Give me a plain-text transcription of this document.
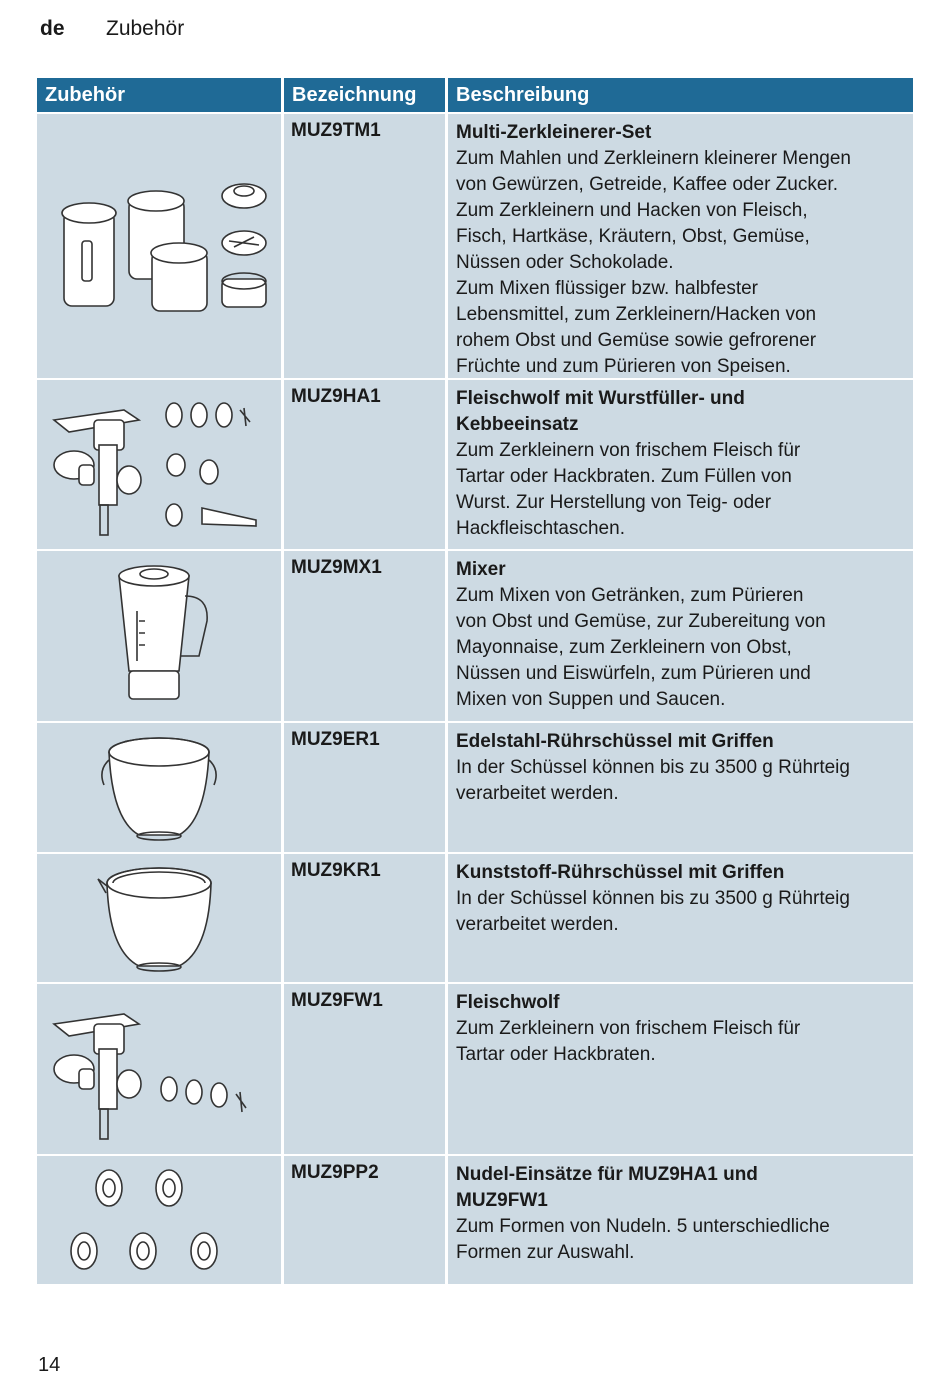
de Zubehör
Zubehör	Bezeichnung	Beschreibung
MUZ9TM1	Multi-Zerkleinerer-Set
Zum Mahlen und Zerkleinern kleinerer Mengen
von Gewürzen, Getreide, Kaffee oder Zucker.
Zum Zerkleinern und Hacken von Fleisch,
Fisch, Hartkäse, Kräutern, Obst, Gemüse,
Nüssen oder Schokolade.
Zum Mixen flüssiger bzw. halbfester
Lebensmittel, zum Zerkleinern/Hacken von
rohem Obst und Gemüse sowie gefrorener
Früchte und zum Pürieren von Speisen.
MUZ9HA1	Fleischwolf mit Wurstfüller- und
Kebbeeinsatz
Zum Zerkleinern von frischem Fleisch für
Tartar oder Hackbraten. Zum Füllen von
Wurst. Zur Herstellung von Teig- oder
Hackfleischtaschen.
MUZ9MX1	Mixer
Zum Mixen von Getränken, zum Pürieren
von Obst und Gemüse, zur Zubereitung von
Mayonnaise, zum Zerkleinern von Obst,
Nüssen und Eiswürfeln, zum Pürieren und
Mixen von Suppen und Saucen.
MUZ9ER1	Edelstahl-Rührschüssel mit Griffen
In der Schüssel können bis zu 3500 g Rührteig
verarbeitet werden.
MUZ9KR1	Kunststoff-Rührschüssel mit Griffen
In der Schüssel können bis zu 3500 g Rührteig
verarbeitet werden.
MUZ9FW1	Fleischwolf
Zum Zerkleinern von frischem Fleisch für
Tartar oder Hackbraten.
MUZ9PP2	Nudel-Einsätze für MUZ9HA1 und
MUZ9FW1
Zum Formen von Nudeln. 5 unterschiedliche
Formen zur Auswahl.
14
